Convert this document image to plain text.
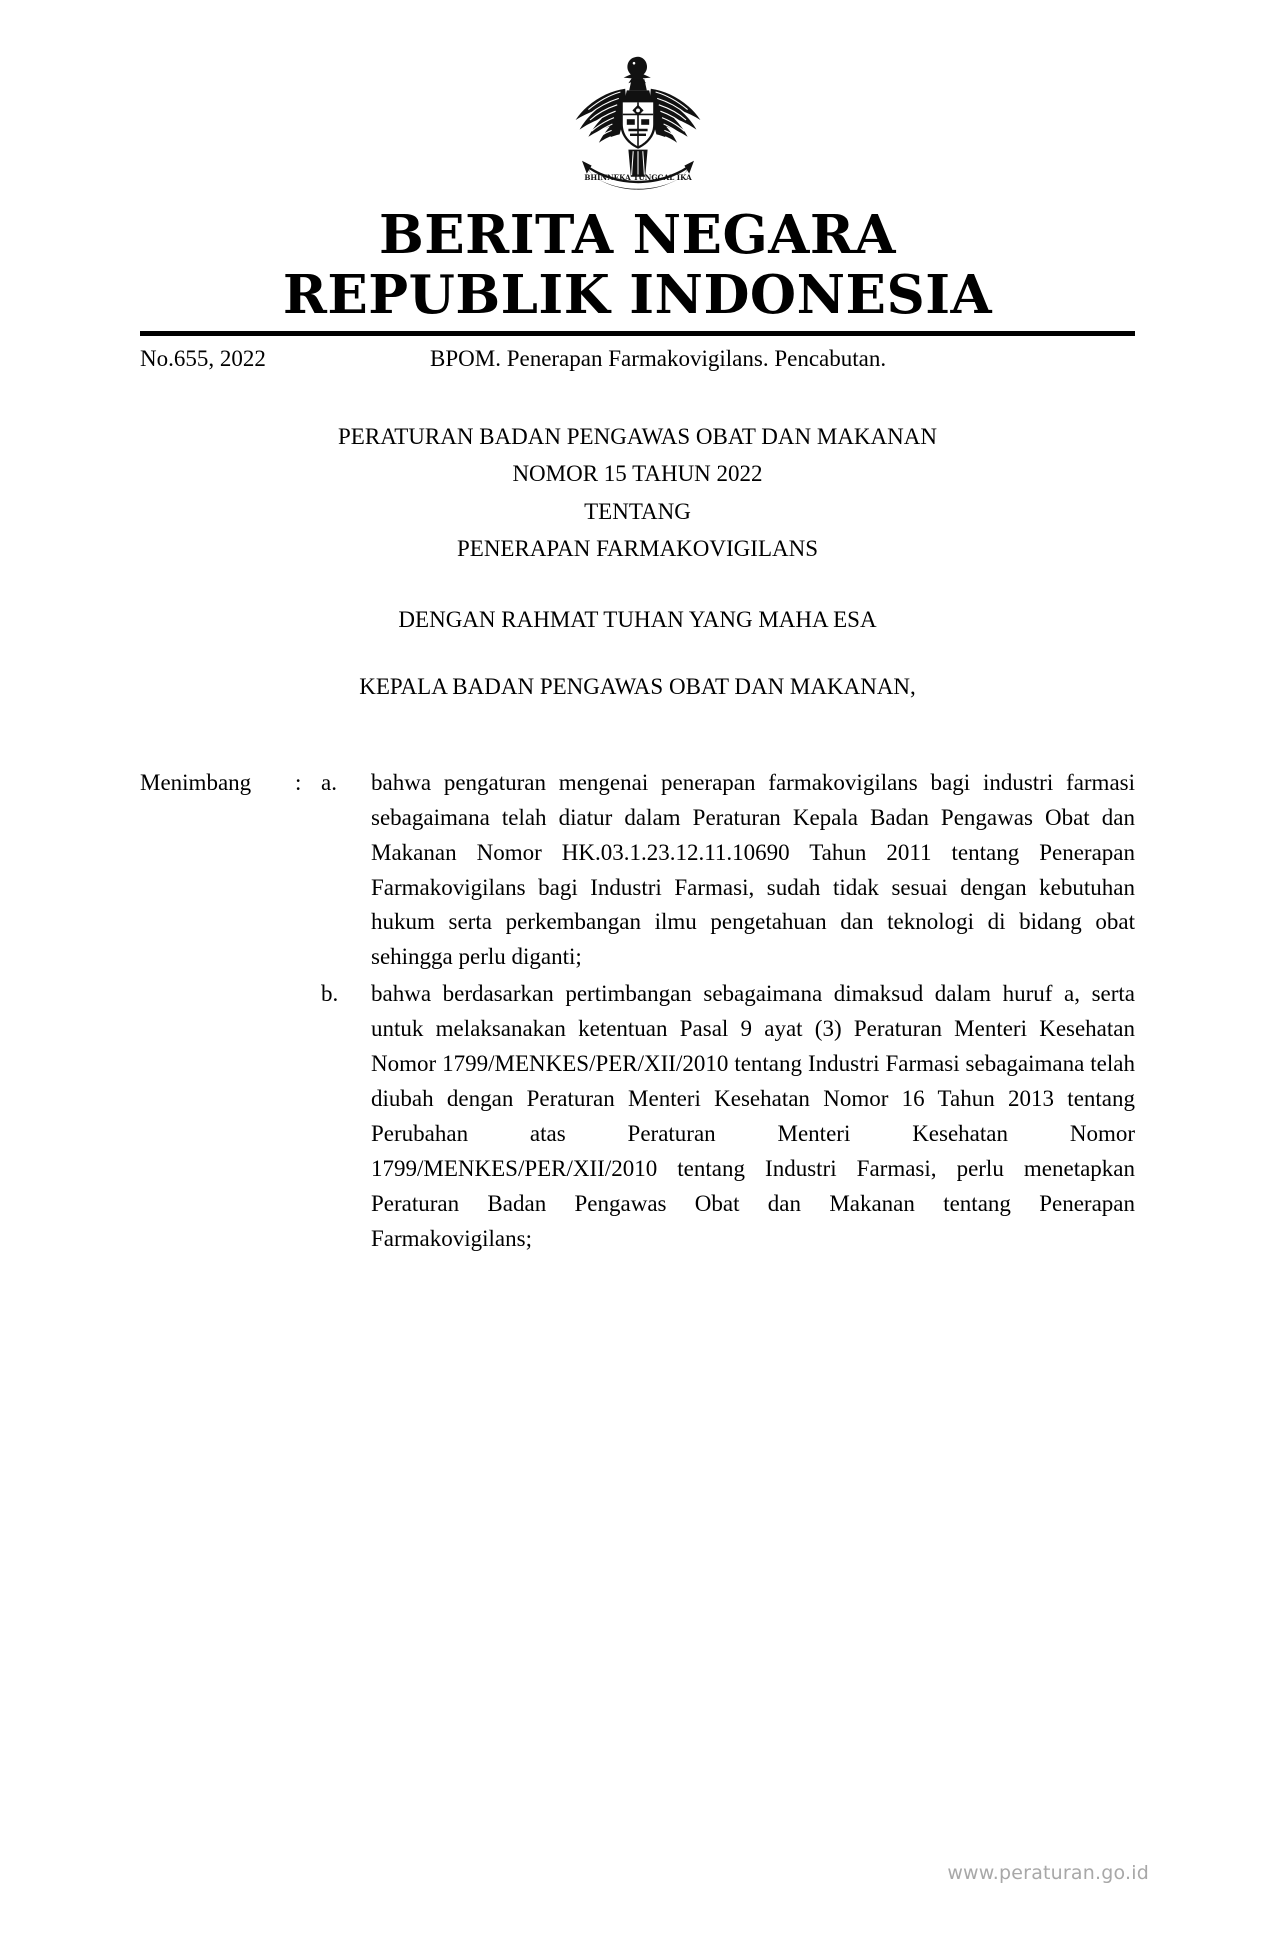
BHINNEKA TUNGGAL IKA
BERITA NEGARA
REPUBLIK INDONESIA
No.655, 2022	BPOM. Penerapan Farmakovigilans. Pencabutan.
PERATURAN BADAN PENGAWAS OBAT DAN MAKANAN
NOMOR 15 TAHUN 2022
TENTANG
PENERAPAN FARMAKOVIGILANS
DENGAN RAHMAT TUHAN YANG MAHA ESA
KEPALA BADAN PENGAWAS OBAT DAN MAKANAN,
Menimbang	: a.	bahwa pengaturan mengenai penerapan farmakovigilans bagi industri farmasi sebagaimana telah diatur dalam Peraturan Kepala Badan Pengawas Obat dan Makanan Nomor HK.03.1.23.12.11.10690 Tahun 2011 tentang Penerapan Farmakovigilans bagi Industri Farmasi, sudah tidak sesuai dengan kebutuhan hukum serta perkembangan ilmu pengetahuan dan teknologi di bidang obat sehingga perlu diganti;
b.	bahwa berdasarkan pertimbangan sebagaimana dimaksud dalam huruf a, serta untuk melaksanakan ketentuan Pasal 9 ayat (3) Peraturan Menteri Kesehatan Nomor 1799/MENKES/PER/XII/2010 tentang Industri Farmasi sebagaimana telah diubah dengan Peraturan Menteri Kesehatan Nomor 16 Tahun 2013 tentang Perubahan atas Peraturan Menteri Kesehatan Nomor 1799/MENKES/PER/XII/2010 tentang Industri Farmasi, perlu menetapkan Peraturan Badan Pengawas Obat dan Makanan tentang Penerapan Farmakovigilans;
www.peraturan.go.id
